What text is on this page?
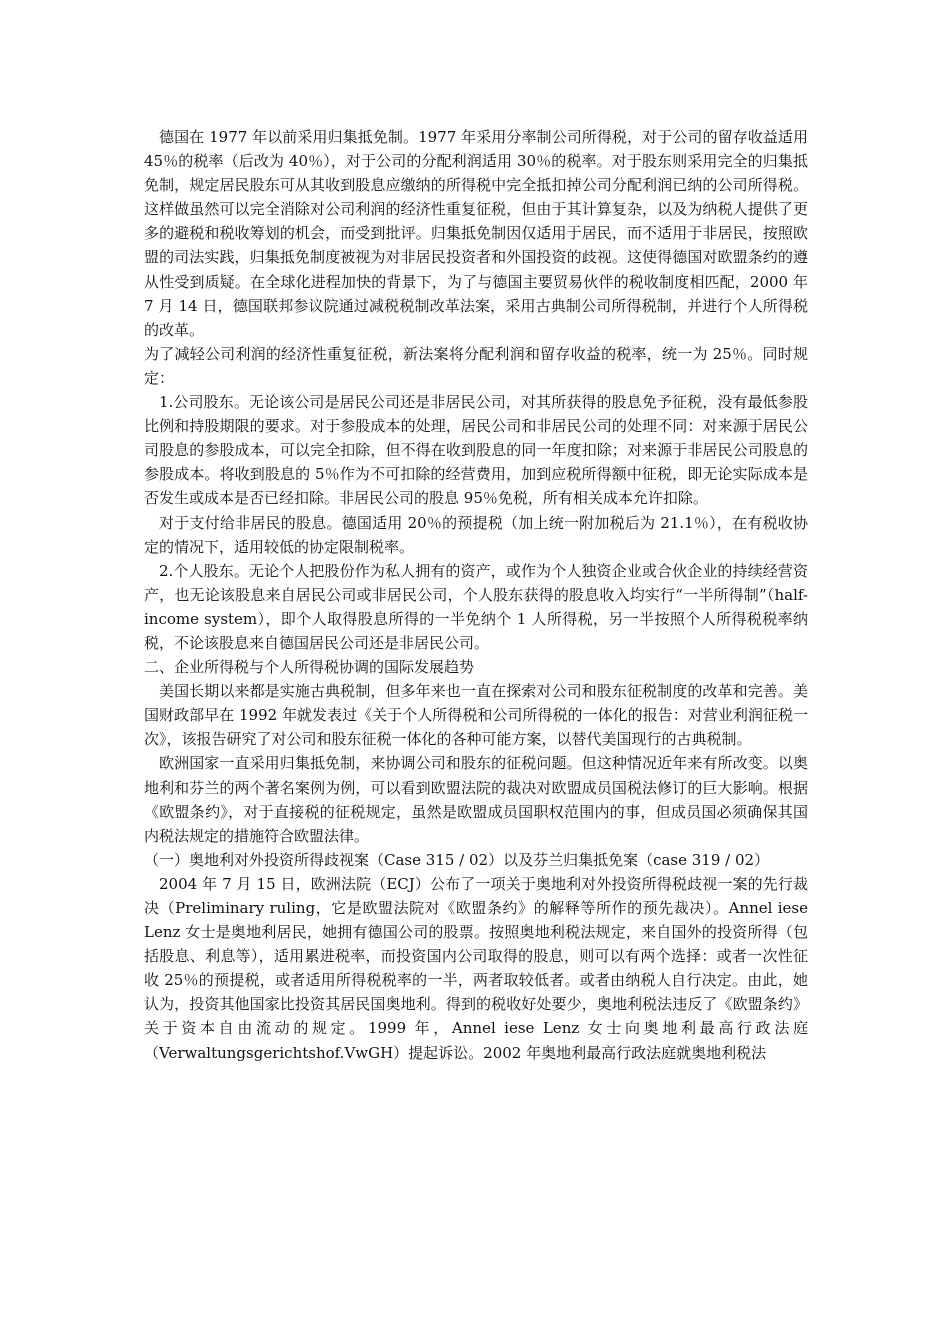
德国在 1977 年以前采用归集抵免制。1977 年采用分率制公司所得税，对于公司的留存收益适用 45％的税率（后改为 40％），对于公司的分配利润适用 30％的税率。对于股东则采用完全的归集抵免制，规定居民股东可从其收到股息应缴纳的所得税中完全抵扣掉公司分配利润已纳的公司所得税。这样做虽然可以完全消除对公司利润的经济性重复征税，但由于其计算复杂，以及为纳税人提供了更多的避税和税收筹划的机会，而受到批评。归集抵免制因仅适用于居民，而不适用于非居民，按照欧盟的司法实践，归集抵免制度被视为对非居民投资者和外国投资的歧视。这使得德国对欧盟条约的遵从性受到质疑。在全球化进程加快的背景下，为了与德国主要贸易伙伴的税收制度相匹配，2000 年 7 月 14 日，德国联邦参议院通过减税税制改革法案，采用古典制公司所得税制，并进行个人所得税的改革。

为了减轻公司利润的经济性重复征税，新法案将分配利润和留存收益的税率，统一为 25％。同时规定：

1.公司股东。无论该公司是居民公司还是非居民公司，对其所获得的股息免予征税，没有最低参股比例和持股期限的要求。对于参股成本的处理，居民公司和非居民公司的处理不同：对来源于居民公司股息的参股成本，可以完全扣除，但不得在收到股息的同一年度扣除；对来源于非居民公司股息的参股成本。将收到股息的 5％作为不可扣除的经营费用，加到应税所得额中征税，即无论实际成本是否发生或成本是否已经扣除。非居民公司的股息 95％免税，所有相关成本允许扣除。

对于支付给非居民的股息。德国适用 20％的预提税（加上统一附加税后为 21.1％），在有税收协定的情况下，适用较低的协定限制税率。

2.个人股东。无论个人把股份作为私人拥有的资产，或作为个人独资企业或合伙企业的持续经营资产，也无论该股息来自居民公司或非居民公司，个人股东获得的股息收入均实行“一半所得制”（half-income system），即个人取得股息所得的一半免纳个 1 人所得税，另一半按照个人所得税税率纳税，不论该股息来自德国居民公司还是非居民公司。

二、企业所得税与个人所得税协调的国际发展趋势

美国长期以来都是实施古典税制，但多年来也一直在探索对公司和股东征税制度的改革和完善。美国财政部早在 1992 年就发表过《关于个人所得税和公司所得税的一体化的报告：对营业利润征税一次》，该报告研究了对公司和股东征税一体化的各种可能方案，以替代美国现行的古典税制。

欧洲国家一直采用归集抵免制，来协调公司和股东的征税问题。但这种情况近年来有所改变。以奥地利和芬兰的两个著名案例为例，可以看到欧盟法院的裁决对欧盟成员国税法修订的巨大影响。根据《欧盟条约》，对于直接税的征税规定，虽然是欧盟成员国职权范围内的事，但成员国必须确保其国内税法规定的措施符合欧盟法律。

（一）奥地利对外投资所得歧视案（Case 315 / 02）以及芬兰归集抵免案（case 319 / 02）

2004 年 7 月 15 日，欧洲法院（ECJ）公布了一项关于奥地利对外投资所得税歧视一案的先行裁决（Preliminary ruling，它是欧盟法院对《欧盟条约》的解释等所作的预先裁决）。Annel iese Lenz 女士是奥地利居民，她拥有德国公司的股票。按照奥地利税法规定，来自国外的投资所得（包括股息、利息等），适用累进税率，而投资国内公司取得的股息，则可以有两个选择：或者一次性征收 25％的预提税，或者适用所得税税率的一半，两者取较低者。或者由纳税人自行决定。由此，她认为，投资其他国家比投资其居民国奥地利。得到的税收好处要少，奥地利税法违反了《欧盟条约》关于资本自由流动的规定。1999 年，Annel iese Lenz 女士向奥地利最高行政法庭（Verwaltungsgerichtshof.VwGH）提起诉讼。2002 年奥地利最高行政法庭就奥地利税法
